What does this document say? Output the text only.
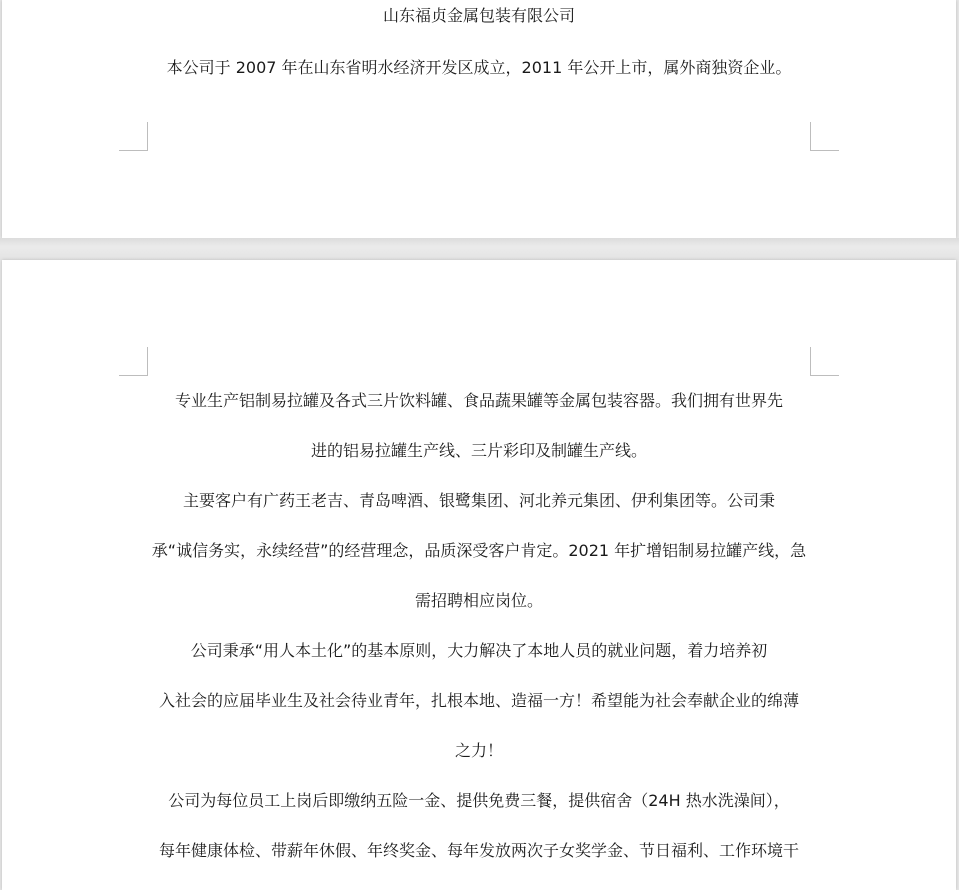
山东福贞金属包装有限公司
本公司于 2007 年在山东省明水经济开发区成立，2011 年公开上市，属外商独资企业。
专业生产铝制易拉罐及各式三片饮料罐、食品蔬果罐等金属包装容器。我们拥有世界先
进的铝易拉罐生产线、三片彩印及制罐生产线。
主要客户有广药王老吉、青岛啤酒、银鹭集团、河北养元集团、伊利集团等。公司秉
承“诚信务实，永续经营”的经营理念，品质深受客户肯定。2021 年扩增铝制易拉罐产线，急
需招聘相应岗位。
公司秉承“用人本土化”的基本原则，大力解决了本地人员的就业问题，着力培养初
入社会的应届毕业生及社会待业青年，扎根本地、造福一方！希望能为社会奉献企业的绵薄
之力！
公司为每位员工上岗后即缴纳五险一金、提供免费三餐，提供宿舍（24H 热水洗澡间），
每年健康体检、带薪年休假、年终奖金、每年发放两次子女奖学金、节日福利、工作环境干
